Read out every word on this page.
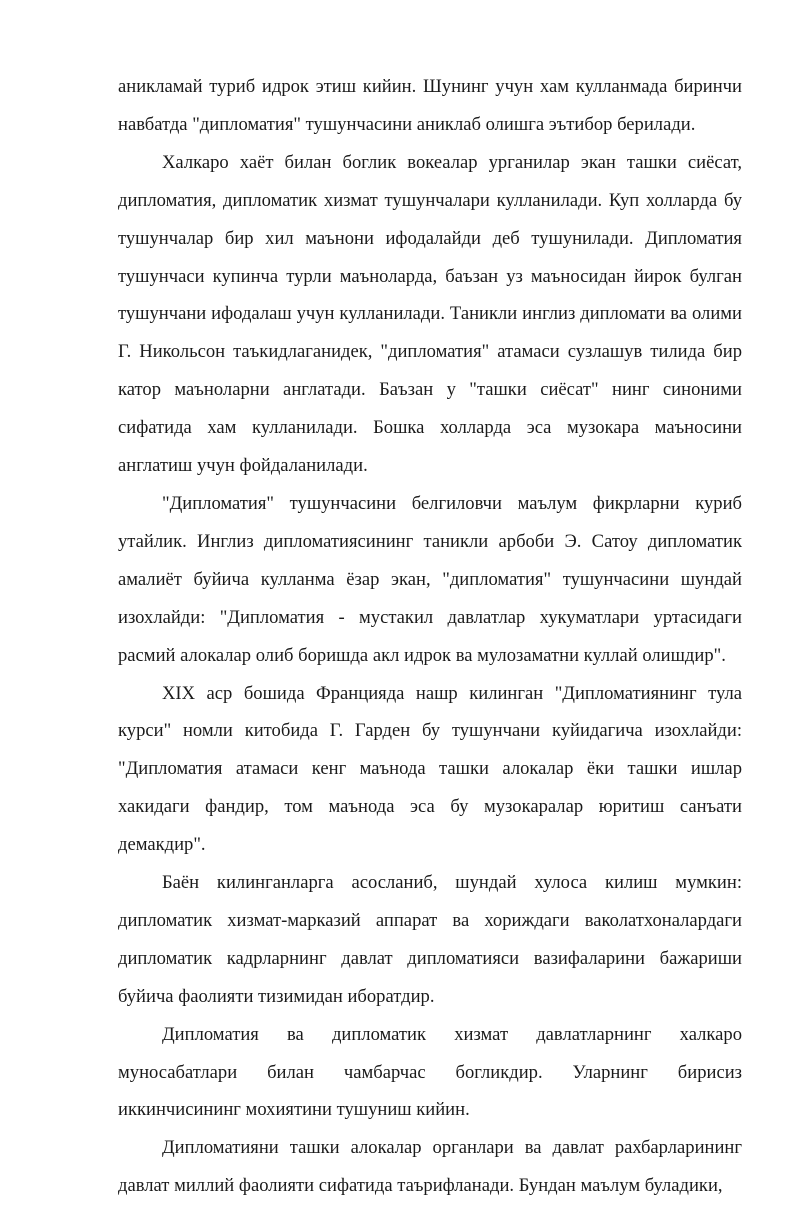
аникламай туриб идрок этиш кийин. Шунинг учун хам кулланмада биринчи навбатда "дипломатия" тушунчасини аниклаб олишга эътибор берилади.

Халкаро хаёт билан боглик вокеалар урганилар экан ташки сиёсат, дипломатия, дипломатик хизмат тушунчалари кулланилади. Куп холларда бу тушунчалар бир хил маънони ифодалайди деб тушунилади. Дипломатия тушунчаси купинча турли маъноларда, баъзан уз маъносидан йирок булган тушунчани ифодалаш учун кулланилади. Таникли инглиз дипломати ва олими Г. Никольсон таъкидлаганидек, "дипломатия" атамаси сузлашув тилида бир катор маъноларни англатади. Баъзан у "ташки сиёсат" нинг синоними сифатида хам кулланилади. Бошка холларда эса музокара маъносини англатиш учун фойдаланилади.

"Дипломатия" тушунчасини белгиловчи маълум фикрларни куриб утайлик. Инглиз дипломатиясининг таникли арбоби Э. Сатоу дипломатик амалиёт буйича кулланма ёзар экан, "дипломатия" тушунчасини шундай изохлайди: "Дипломатия - мустакил давлатлар хукуматлари уртасидаги расмий алокалар олиб боришда акл идрок ва мулозаматни куллай олишдир".

XIX аср бошида Францияда нашр килинган "Дипломатиянинг тула курси" номли китобида Г. Гарден бу тушунчани куйидагича изохлайди: "Дипломатия атамаси кенг маънода ташки алокалар ёки ташки ишлар хакидаги фандир, том маънода эса бу музокаралар юритиш санъати демакдир".

Баён килинганларга асосланиб, шундай хулоса килиш мумкин: дипломатик хизмат-марказий аппарат ва хориждаги ваколатхоналардаги дипломатик кадрларнинг давлат дипломатияси вазифаларини бажариши буйича фаолияти тизимидан иборатдир.

Дипломатия ва дипломатик хизмат давлатларнинг халкаро муносабатлари билан чамбарчас богликдир. Уларнинг бириcиз иккинчисининг мохиятини тушуниш кийин.

Дипломатияни ташки алокалар органлари ва давлат рахбарларининг давлат миллий фаолияти сифатида таърифланади. Бундан маълум буладики,
